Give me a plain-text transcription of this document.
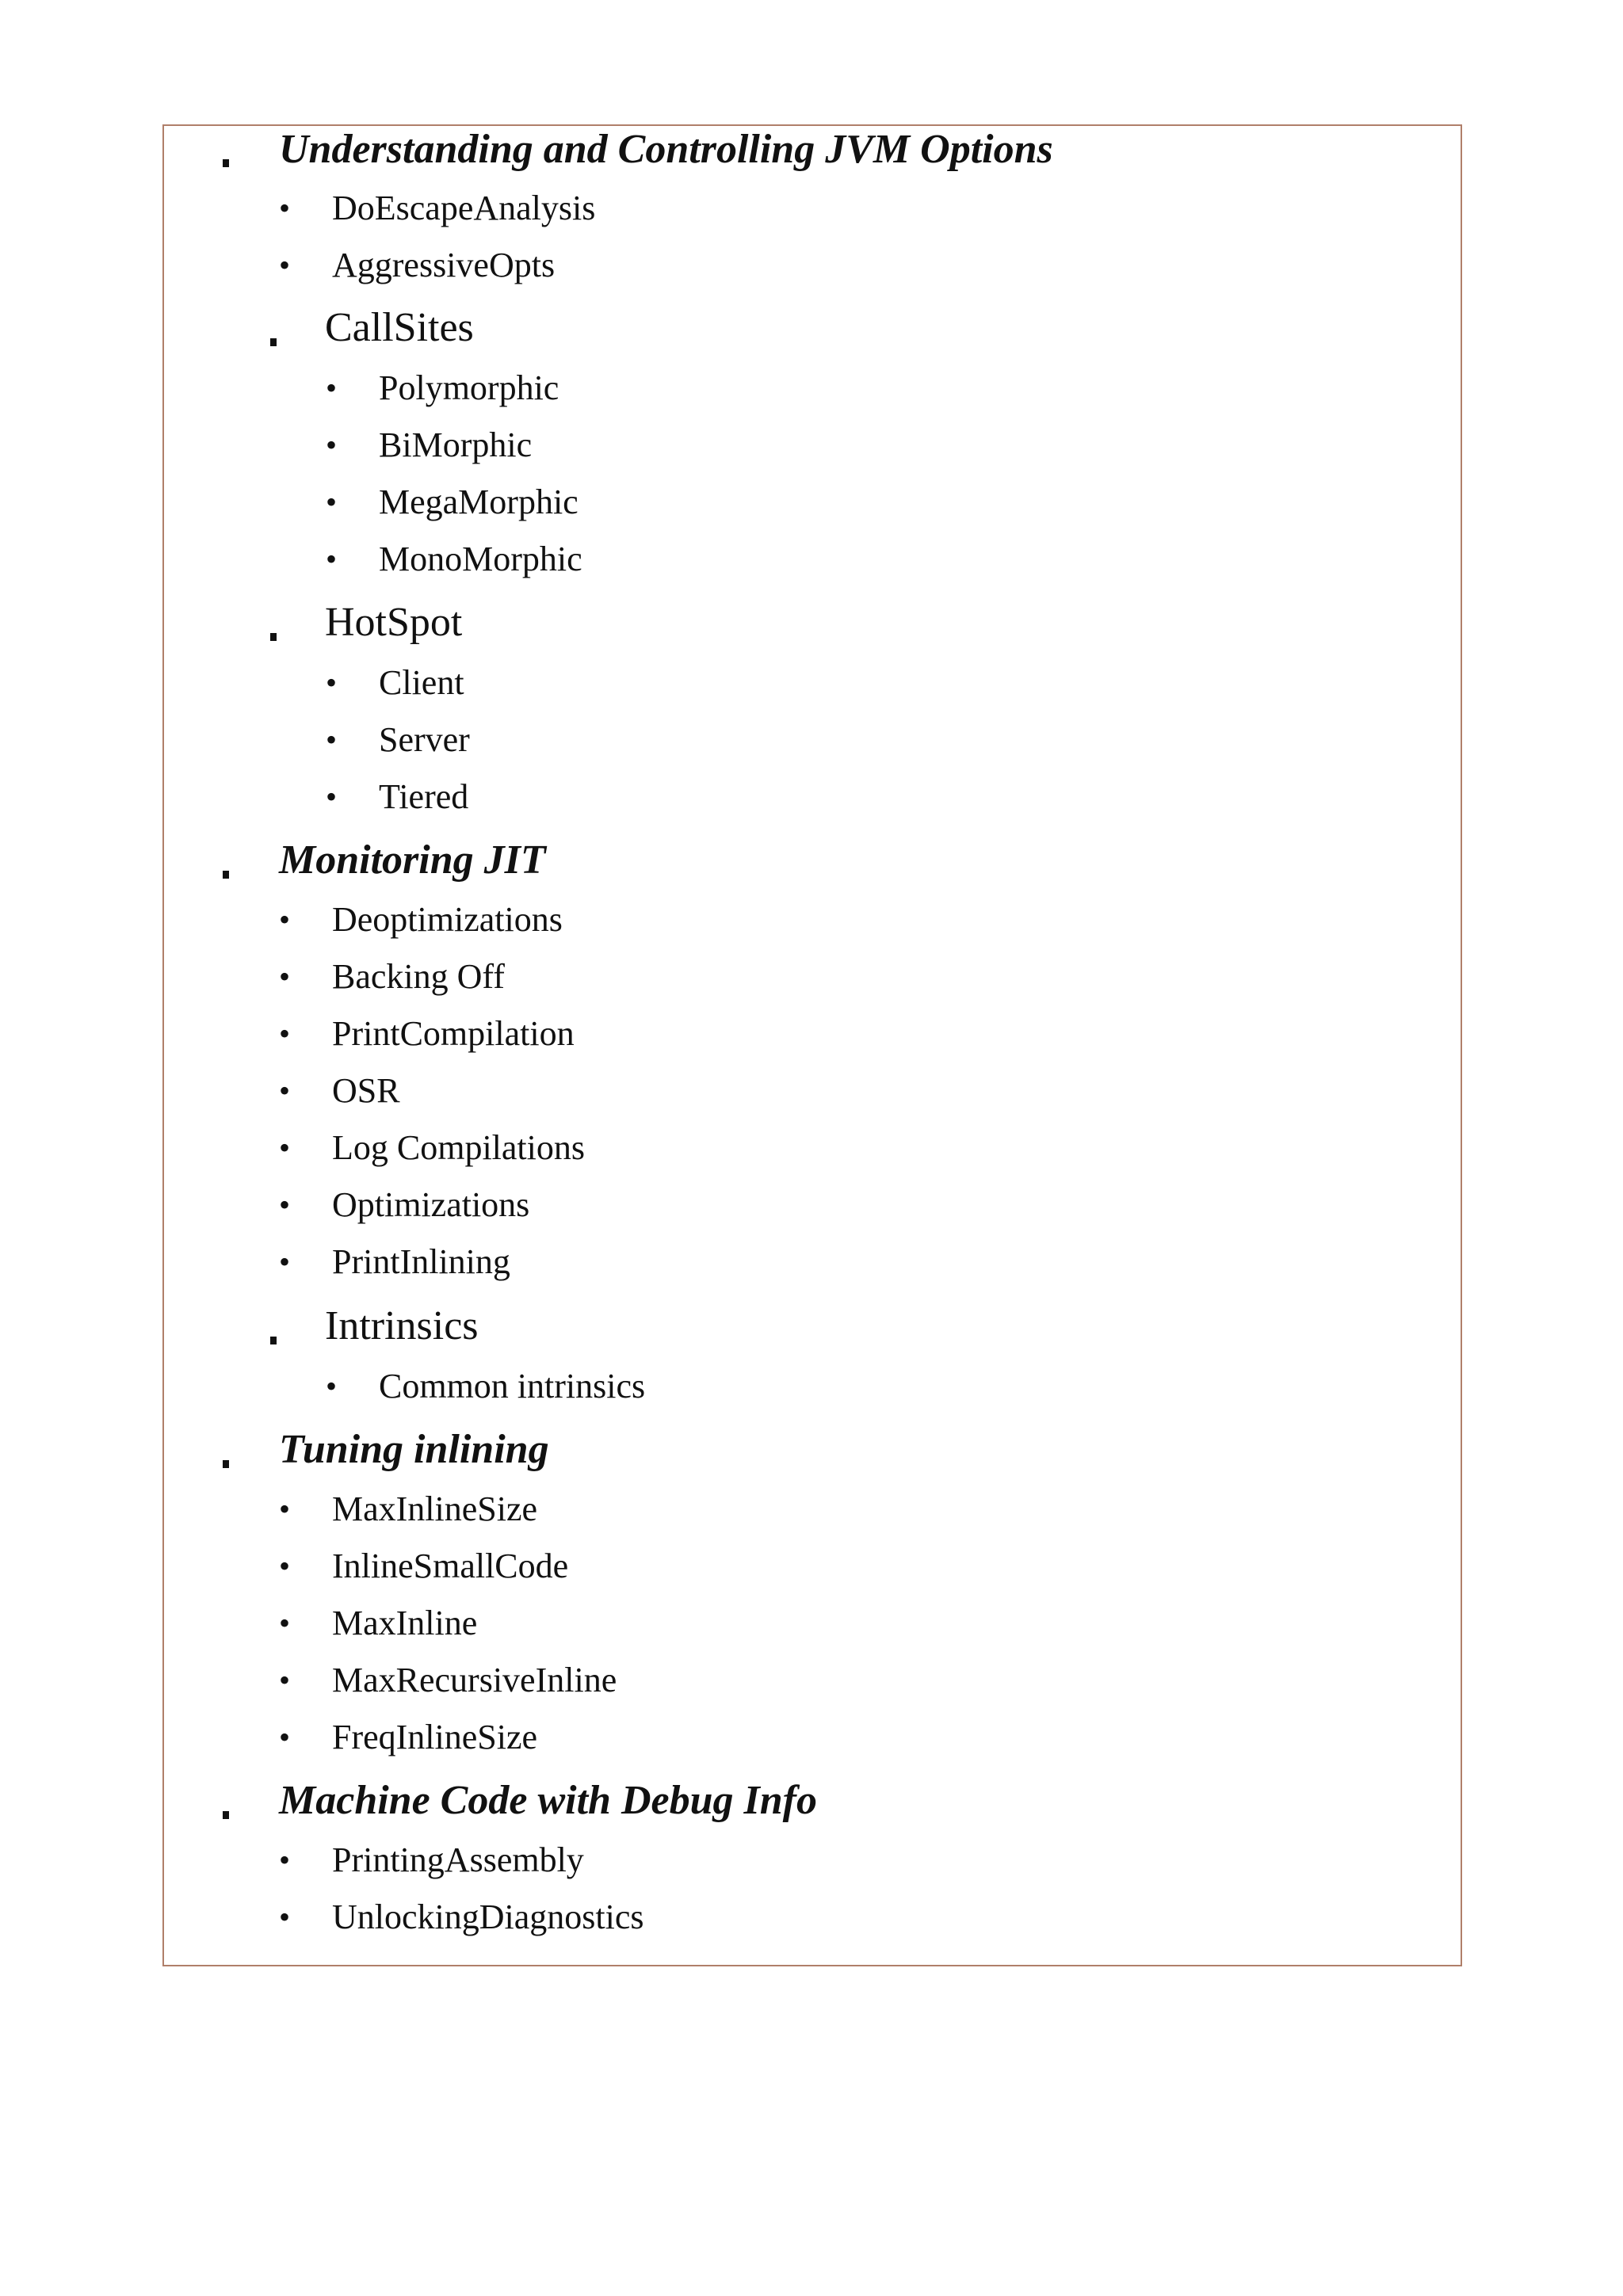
Understanding and Controlling JVM Options
• DoEscapeAnalysis
• AggressiveOpts
CallSites
• Polymorphic
• BiMorphic
• MegaMorphic
• MonoMorphic
HotSpot
• Client
• Server
• Tiered
Monitoring JIT
• Deoptimizations
• Backing Off
• PrintCompilation
• OSR
• Log Compilations
• Optimizations
• PrintInlining
Intrinsics
• Common intrinsics
Tuning inlining
• MaxInlineSize
• InlineSmallCode
• MaxInline
• MaxRecursiveInline
• FreqInlineSize
Machine Code with Debug Info
• PrintingAssembly
• UnlockingDiagnostics
